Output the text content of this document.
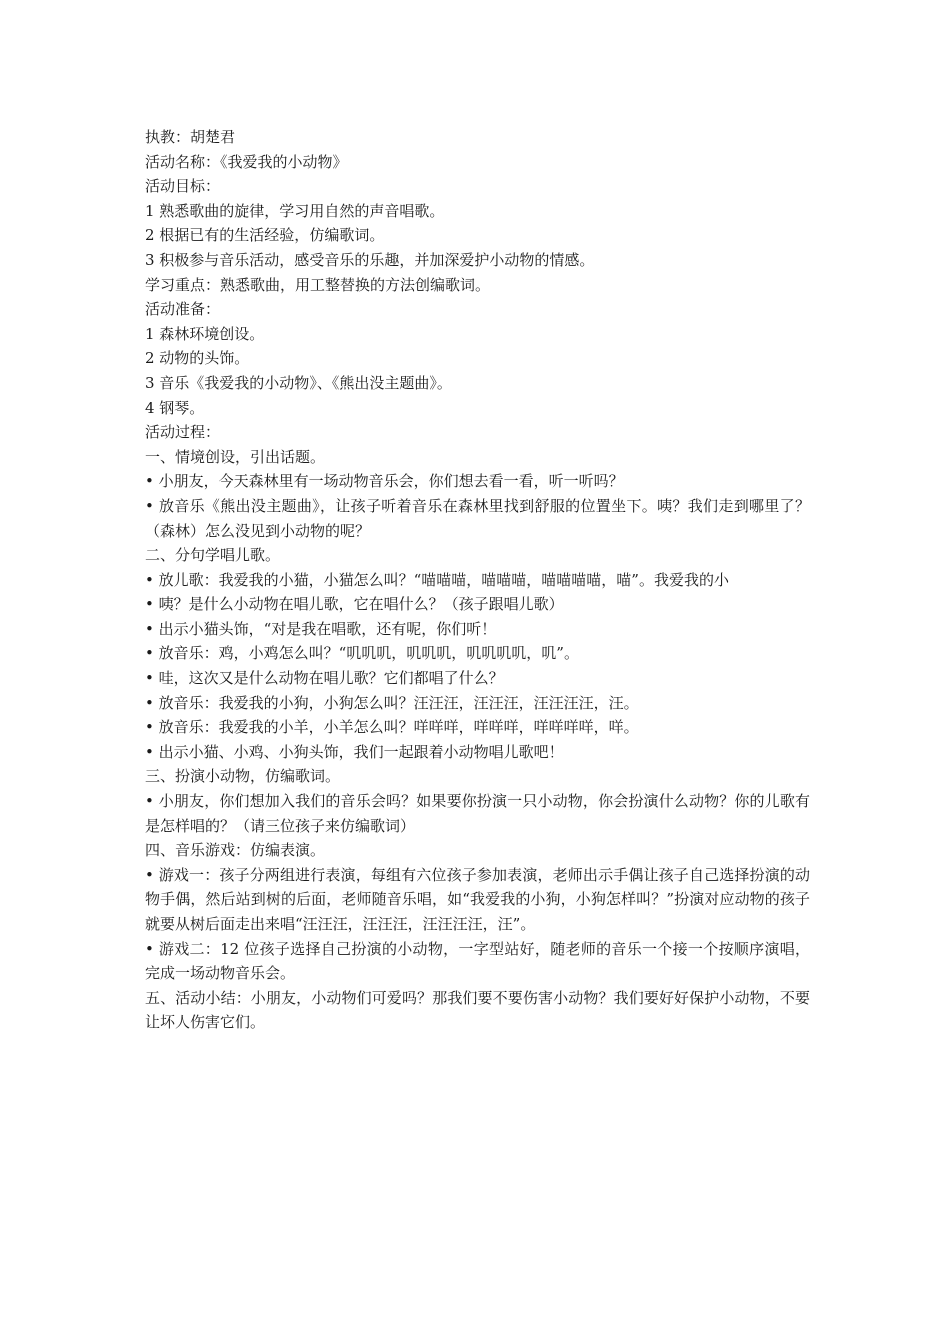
执教：胡楚君

活动名称：《我爱我的小动物》

活动目标：

1 熟悉歌曲的旋律，学习用自然的声音唱歌。

2 根据已有的生活经验，仿编歌词。

3 积极参与音乐活动，感受音乐的乐趣，并加深爱护小动物的情感。

学习重点：熟悉歌曲，用工整替换的方法创编歌词。

活动准备：

1 森林环境创设。

2 动物的头饰。

3 音乐《我爱我的小动物》、《熊出没主题曲》。

4 钢琴。

活动过程：

一、情境创设，引出话题。

• 小朋友，今天森林里有一场动物音乐会，你们想去看一看，听一听吗？

• 放音乐《熊出没主题曲》，让孩子听着音乐在森林里找到舒服的位置坐下。咦？我们走到哪里了？（森林）怎么没见到小动物的呢？

二、分句学唱儿歌。

• 放儿歌：我爱我的小猫，小猫怎么叫？“喵喵喵，喵喵喵，喵喵喵喵，喵”。我爱我的小

• 咦？是什么小动物在唱儿歌，它在唱什么？（孩子跟唱儿歌）

• 出示小猫头饰，“对是我在唱歌，还有呢，你们听！

• 放音乐：鸡，小鸡怎么叫？“叽叽叽，叽叽叽，叽叽叽叽，叽”。

• 哇，这次又是什么动物在唱儿歌？它们都唱了什么？

• 放音乐：我爱我的小狗，小狗怎么叫？汪汪汪，汪汪汪，汪汪汪汪，汪。

• 放音乐：我爱我的小羊，小羊怎么叫？咩咩咩，咩咩咩，咩咩咩咩，咩。

• 出示小猫、小鸡、小狗头饰，我们一起跟着小动物唱儿歌吧！

三、扮演小动物，仿编歌词。

• 小朋友，你们想加入我们的音乐会吗？如果要你扮演一只小动物，你会扮演什么动物？你的儿歌有是怎样唱的？（请三位孩子来仿编歌词）

四、音乐游戏：仿编表演。

• 游戏一：孩子分两组进行表演，每组有六位孩子参加表演，老师出示手偶让孩子自己选择扮演的动物手偶，然后站到树的后面，老师随音乐唱，如“我爱我的小狗，小狗怎样叫？”扮演对应动物的孩子就要从树后面走出来唱“汪汪汪，汪汪汪，汪汪汪汪，汪”。

• 游戏二：12 位孩子选择自己扮演的小动物，一字型站好，随老师的音乐一个接一个按顺序演唱，完成一场动物音乐会。

五、活动小结：小朋友，小动物们可爱吗？那我们要不要伤害小动物？我们要好好保护小动物，不要让坏人伤害它们。
